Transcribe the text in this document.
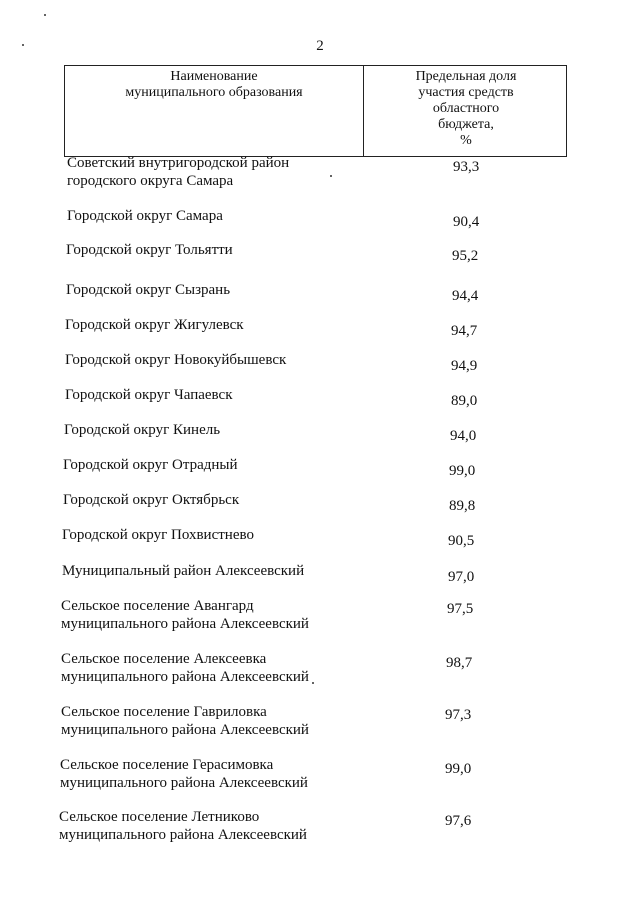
2
Наименование
муниципального образования
Предельная доля
участия средств
областного
бюджета,
%
Советский внутригородской район
городского округа Самара
93,3
Городской округ Самара	90,4
Городской округ Тольятти	95,2
Городской округ Сызрань	94,4
Городской округ Жигулевск	94,7
Городской округ Новокуйбышевск	94,9
Городской округ Чапаевск	89,0
Городской округ Кинель	94,0
Городской округ Отрадный	99,0
Городской округ Октябрьск	89,8
Городской округ Похвистнево	90,5
Муниципальный район Алексеевский	97,0
Сельское поселение Авангард
муниципального района Алексеевский
97,5
Сельское поселение Алексеевка
муниципального района Алексеевский
98,7
Сельское поселение Гавриловка
муниципального района Алексеевский
97,3
Сельское поселение Герасимовка
муниципального района Алексеевский
99,0
Сельское поселение Летниково
муниципального района Алексеевский
97,6
